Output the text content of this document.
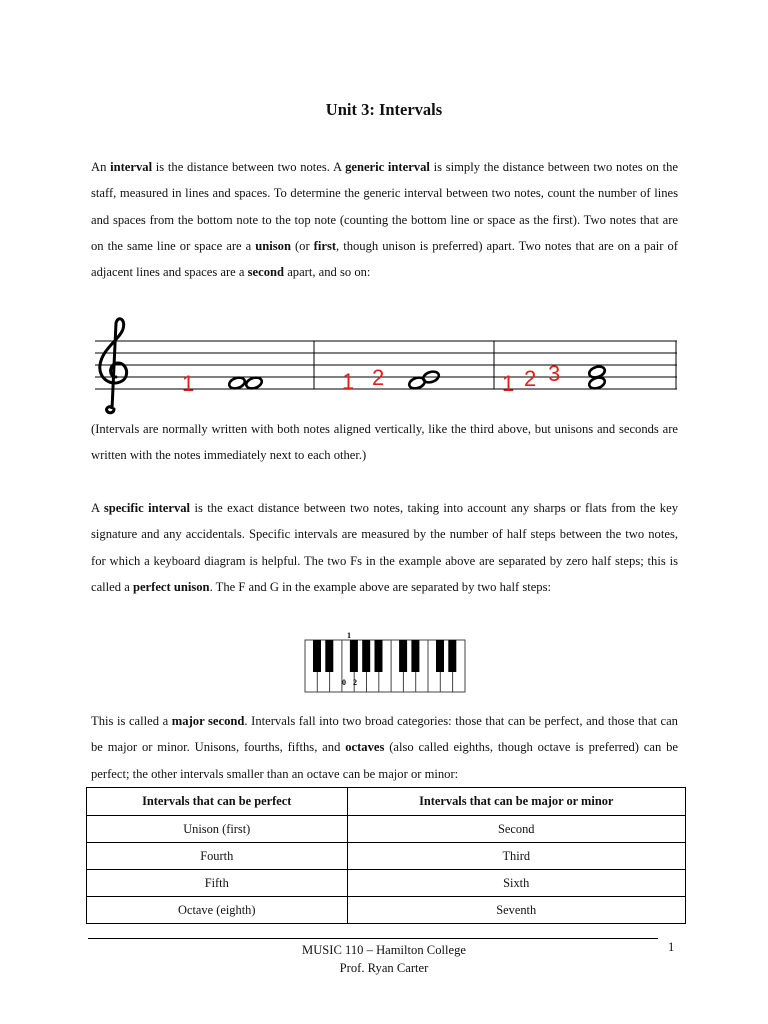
Unit 3: Intervals

An interval is the distance between two notes. A generic interval is simply the distance between two notes on the staff, measured in lines and spaces. To determine the generic interval between two notes, count the number of lines and spaces from the bottom note to the top note (counting the bottom line or space as the first). Two notes that are on the same line or space are a unison (or first, though unison is preferred) apart. Two notes that are on a pair of adjacent lines and spaces are a second apart, and so on:

1	1 2	1 2 3

(Intervals are normally written with both notes aligned vertically, like the third above, but unisons and seconds are written with the notes immediately next to each other.)

A specific interval is the exact distance between two notes, taking into account any sharps or flats from the key signature and any accidentals. Specific intervals are measured by the number of half steps between the two notes, for which a keyboard diagram is helpful. The two Fs in the example above are separated by zero half steps; this is called a perfect unison. The F and G in the example above are separated by two half steps:

1
0 2

This is called a major second. Intervals fall into two broad categories: those that can be perfect, and those that can be major or minor. Unisons, fourths, fifths, and octaves (also called eighths, though octave is preferred) can be perfect; the other intervals smaller than an octave can be major or minor:

Intervals that can be perfect	Intervals that can be major or minor
Unison (first)	Second
Fourth	Third
Fifth	Sixth
Octave (eighth)	Seventh
MUSIC 110 – Hamilton College
Prof. Ryan Carter
1
